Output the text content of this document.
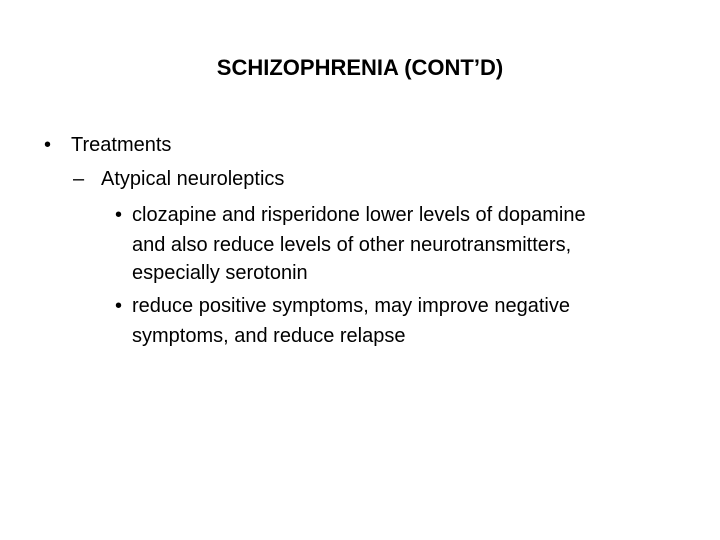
SCHIZOPHRENIA (CONT’D)
• Treatments
– Atypical neuroleptics
• clozapine and risperidone lower levels of dopamine
and also reduce levels of other neurotransmitters,
especially serotonin
• reduce positive symptoms, may improve negative
symptoms, and reduce relapse
